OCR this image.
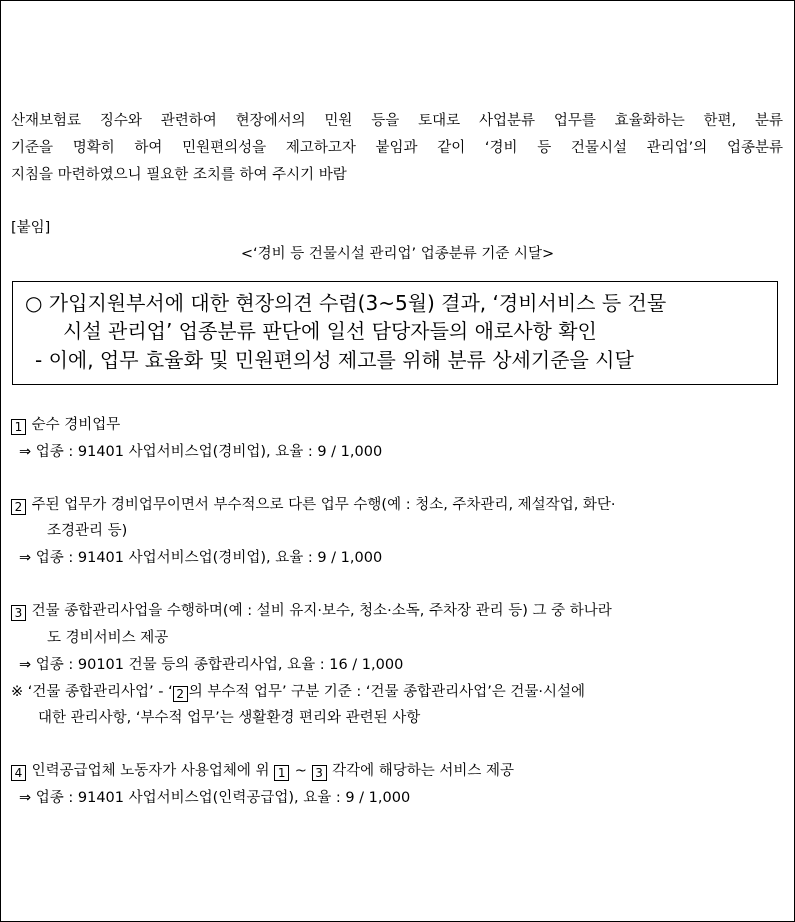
산재보험료 징수와 관련하여 현장에서의 민원 등을 토대로 사업분류 업무를 효율화하는 한편, 분류
기준을 명확히 하여 민원편의성을 제고하고자 붙임과 같이 ‘경비 등 건물시설 관리업’의 업종분류
지침을 마련하였으니 필요한 조치를 하여 주시기 바람
[붙임]
<‘경비 등 건물시설 관리업’ 업종분류 기준 시달>
○ 가입지원부서에 대한 현장의견 수렴(3~5월) 결과, ‘경비서비스 등 건물
시설 관리업’ 업종분류 판단에 일선 담당자들의 애로사항 확인
- 이에, 업무 효율화 및 민원편의성 제고를 위해 분류 상세기준을 시달
1 순수 경비업무
⇒ 업종 : 91401 사업서비스업(경비업), 요율 : 9 / 1,000
2 주된 업무가 경비업무이면서 부수적으로 다른 업무 수행(예 : 청소, 주차관리, 제설작업, 화단·
조경관리 등)
⇒ 업종 : 91401 사업서비스업(경비업), 요율 : 9 / 1,000
3 건물 종합관리사업을 수행하며(예 : 설비 유지·보수, 청소·소독, 주차장 관리 등) 그 중 하나라
도 경비서비스 제공
⇒ 업종 : 90101 건물 등의 종합관리사업, 요율 : 16 / 1,000
※ ‘건물 종합관리사업’ - ‘ 2 의 부수적 업무’ 구분 기준 : ‘건물 종합관리사업’은 건물·시설에
대한 관리사항, ‘부수적 업무’는 생활환경 편리와 관련된 사항
4 인력공급업체 노동자가 사용업체에 위 1 ~ 3 각각에 해당하는 서비스 제공
⇒ 업종 : 91401 사업서비스업(인력공급업), 요율 : 9 / 1,000
